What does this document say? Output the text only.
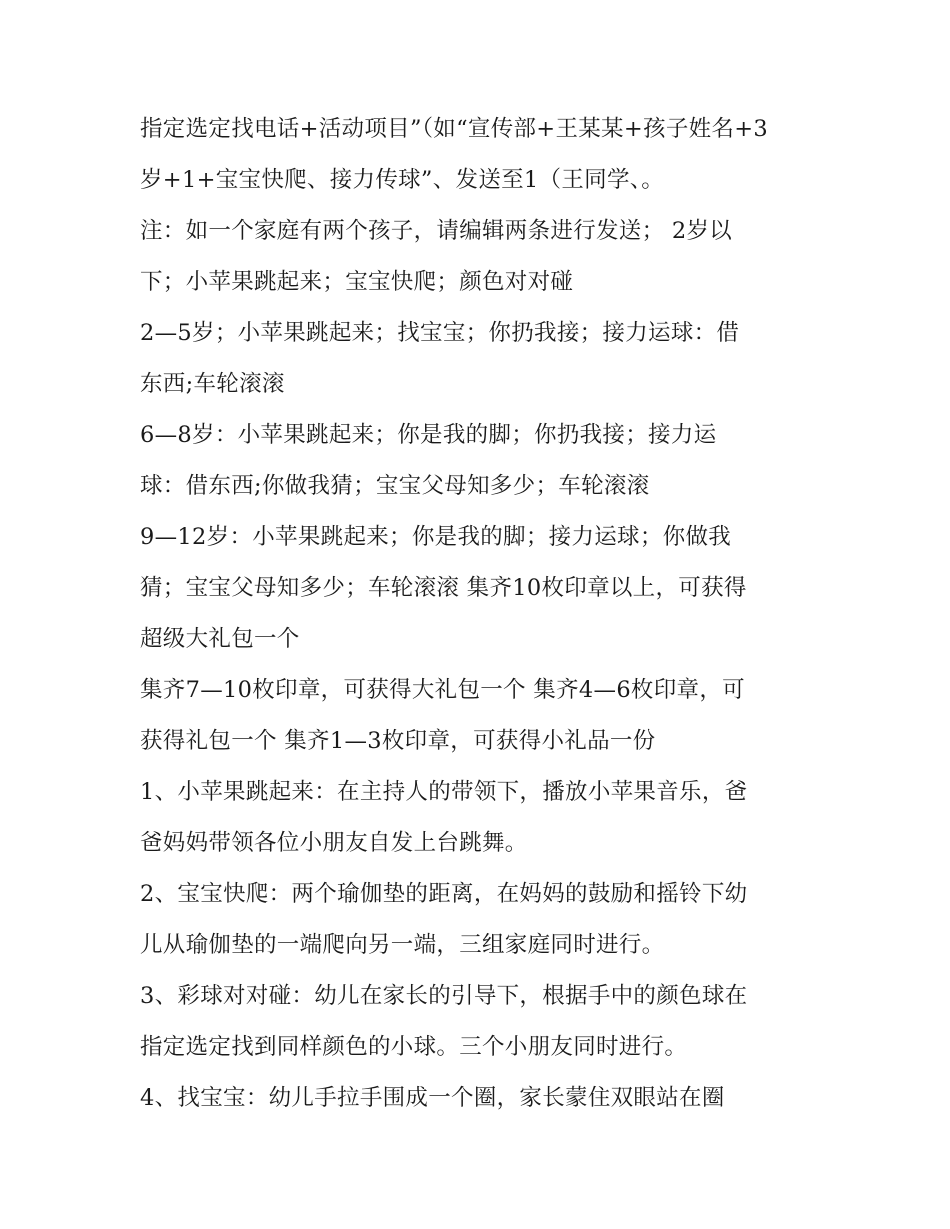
指定选定找电话+活动项目”（如“宣传部+王某某+孩子姓名+3
岁+1+宝宝快爬、接力传球”、发送至1（王同学、。
注：如一个家庭有两个孩子，请编辑两条进行发送； 2岁以
下；小苹果跳起来；宝宝快爬；颜色对对碰
2—5岁；小苹果跳起来；找宝宝；你扔我接；接力运球：借
东西;车轮滚滚
6—8岁：小苹果跳起来；你是我的脚；你扔我接；接力运
球：借东西;你做我猜；宝宝父母知多少；车轮滚滚
9—12岁：小苹果跳起来；你是我的脚；接力运球；你做我
猜；宝宝父母知多少；车轮滚滚 集齐10枚印章以上，可获得
超级大礼包一个
集齐7—10枚印章，可获得大礼包一个 集齐4—6枚印章，可
获得礼包一个 集齐1—3枚印章，可获得小礼品一份
1、小苹果跳起来：在主持人的带领下，播放小苹果音乐，爸
爸妈妈带领各位小朋友自发上台跳舞。
2、宝宝快爬：两个瑜伽垫的距离，在妈妈的鼓励和摇铃下幼
儿从瑜伽垫的一端爬向另一端，三组家庭同时进行。
3、彩球对对碰：幼儿在家长的引导下，根据手中的颜色球在
指定选定找到同样颜色的小球。三个小朋友同时进行。
4、找宝宝：幼儿手拉手围成一个圈，家长蒙住双眼站在圈
